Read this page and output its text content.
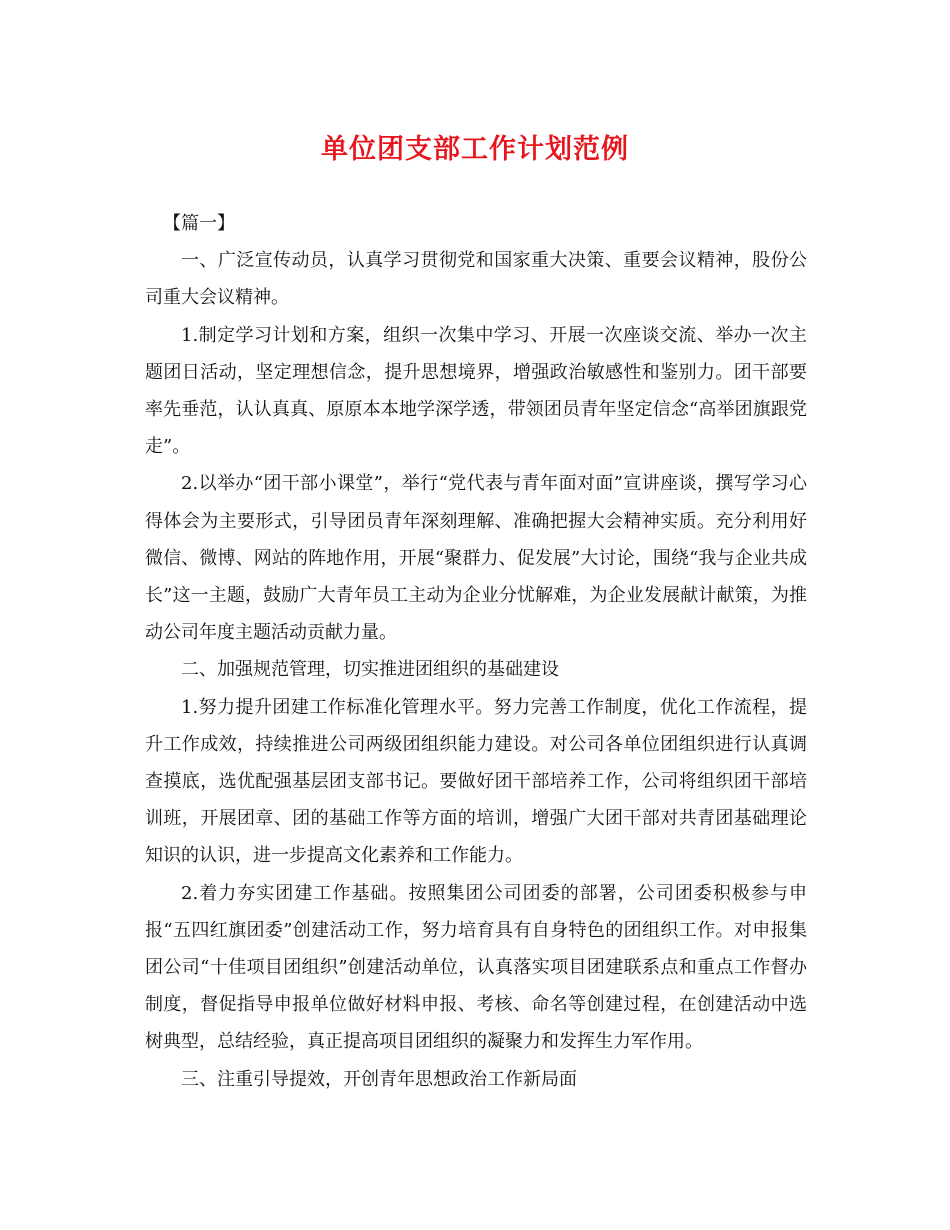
单位团支部工作计划范例

【篇一】

一、广泛宣传动员，认真学习贯彻党和国家重大决策、重要会议精神，股份公司重大会议精神。

1.制定学习计划和方案，组织一次集中学习、开展一次座谈交流、举办一次主题团日活动，坚定理想信念，提升思想境界，增强政治敏感性和鉴别力。团干部要率先垂范，认认真真、原原本本地学深学透，带领团员青年坚定信念“高举团旗跟党走”。

2.以举办“团干部小课堂”，举行“党代表与青年面对面”宣讲座谈，撰写学习心得体会为主要形式，引导团员青年深刻理解、准确把握大会精神实质。充分利用好微信、微博、网站的阵地作用，开展“聚群力、促发展”大讨论，围绕“我与企业共成长”这一主题，鼓励广大青年员工主动为企业分忧解难，为企业发展献计献策，为推动公司年度主题活动贡献力量。

二、加强规范管理，切实推进团组织的基础建设

1.努力提升团建工作标准化管理水平。努力完善工作制度，优化工作流程，提升工作成效，持续推进公司两级团组织能力建设。对公司各单位团组织进行认真调查摸底，选优配强基层团支部书记。要做好团干部培养工作，公司将组织团干部培训班，开展团章、团的基础工作等方面的培训，增强广大团干部对共青团基础理论知识的认识，进一步提高文化素养和工作能力。

2.着力夯实团建工作基础。按照集团公司团委的部署，公司团委积极参与申报“五四红旗团委”创建活动工作，努力培育具有自身特色的团组织工作。对申报集团公司“十佳项目团组织”创建活动单位，认真落实项目团建联系点和重点工作督办制度，督促指导申报单位做好材料申报、考核、命名等创建过程，在创建活动中选树典型，总结经验，真正提高项目团组织的凝聚力和发挥生力军作用。

三、注重引导提效，开创青年思想政治工作新局面
